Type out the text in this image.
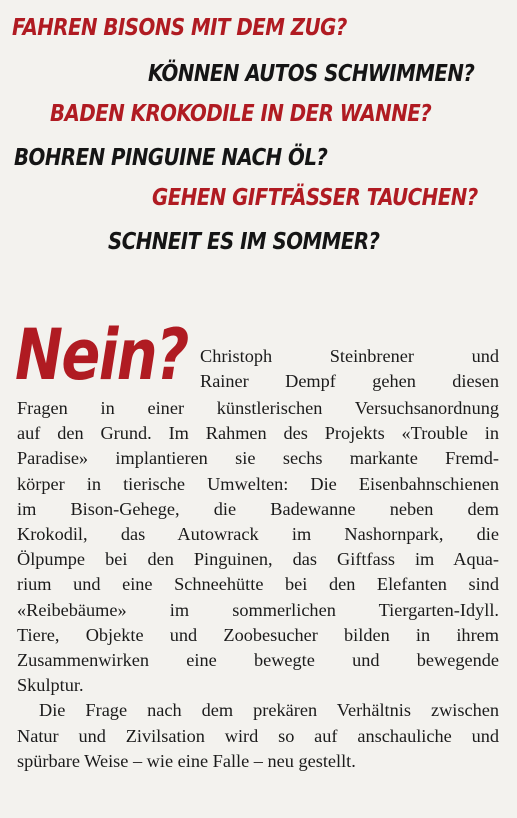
FAHREN BISONS MIT DEM ZUG?
KÖNNEN AUTOS SCHWIMMEN?
BADEN KROKODILE IN DER WANNE?
BOHREN PINGUINE NACH ÖL?
GEHEN GIFTFÄSSER TAUCHEN?
SCHNEIT ES IM SOMMER?
Nein? Christoph Steinbrener und
Rainer Dempf gehen diesen
Fragen in einer künstlerischen Versuchsanordnung
auf den Grund. Im Rahmen des Projekts «Trouble in
Paradise» implantieren sie sechs markante Fremd-
körper in tierische Umwelten: Die Eisenbahnschienen
im Bison-Gehege, die Badewanne neben dem
Krokodil, das Autowrack im Nashornpark, die
Ölpumpe bei den Pinguinen, das Giftfass im Aqua-
rium und eine Schneehütte bei den Elefanten sind
«Reibebäume» im sommerlichen Tiergarten-Idyll.
Tiere, Objekte und Zoobesucher bilden in ihrem
Zusammenwirken eine bewegte und bewegende
Skulptur.

Die Frage nach dem prekären Verhältnis zwischen
Natur und Zivilsation wird so auf anschauliche und
spürbare Weise – wie eine Falle – neu gestellt.
